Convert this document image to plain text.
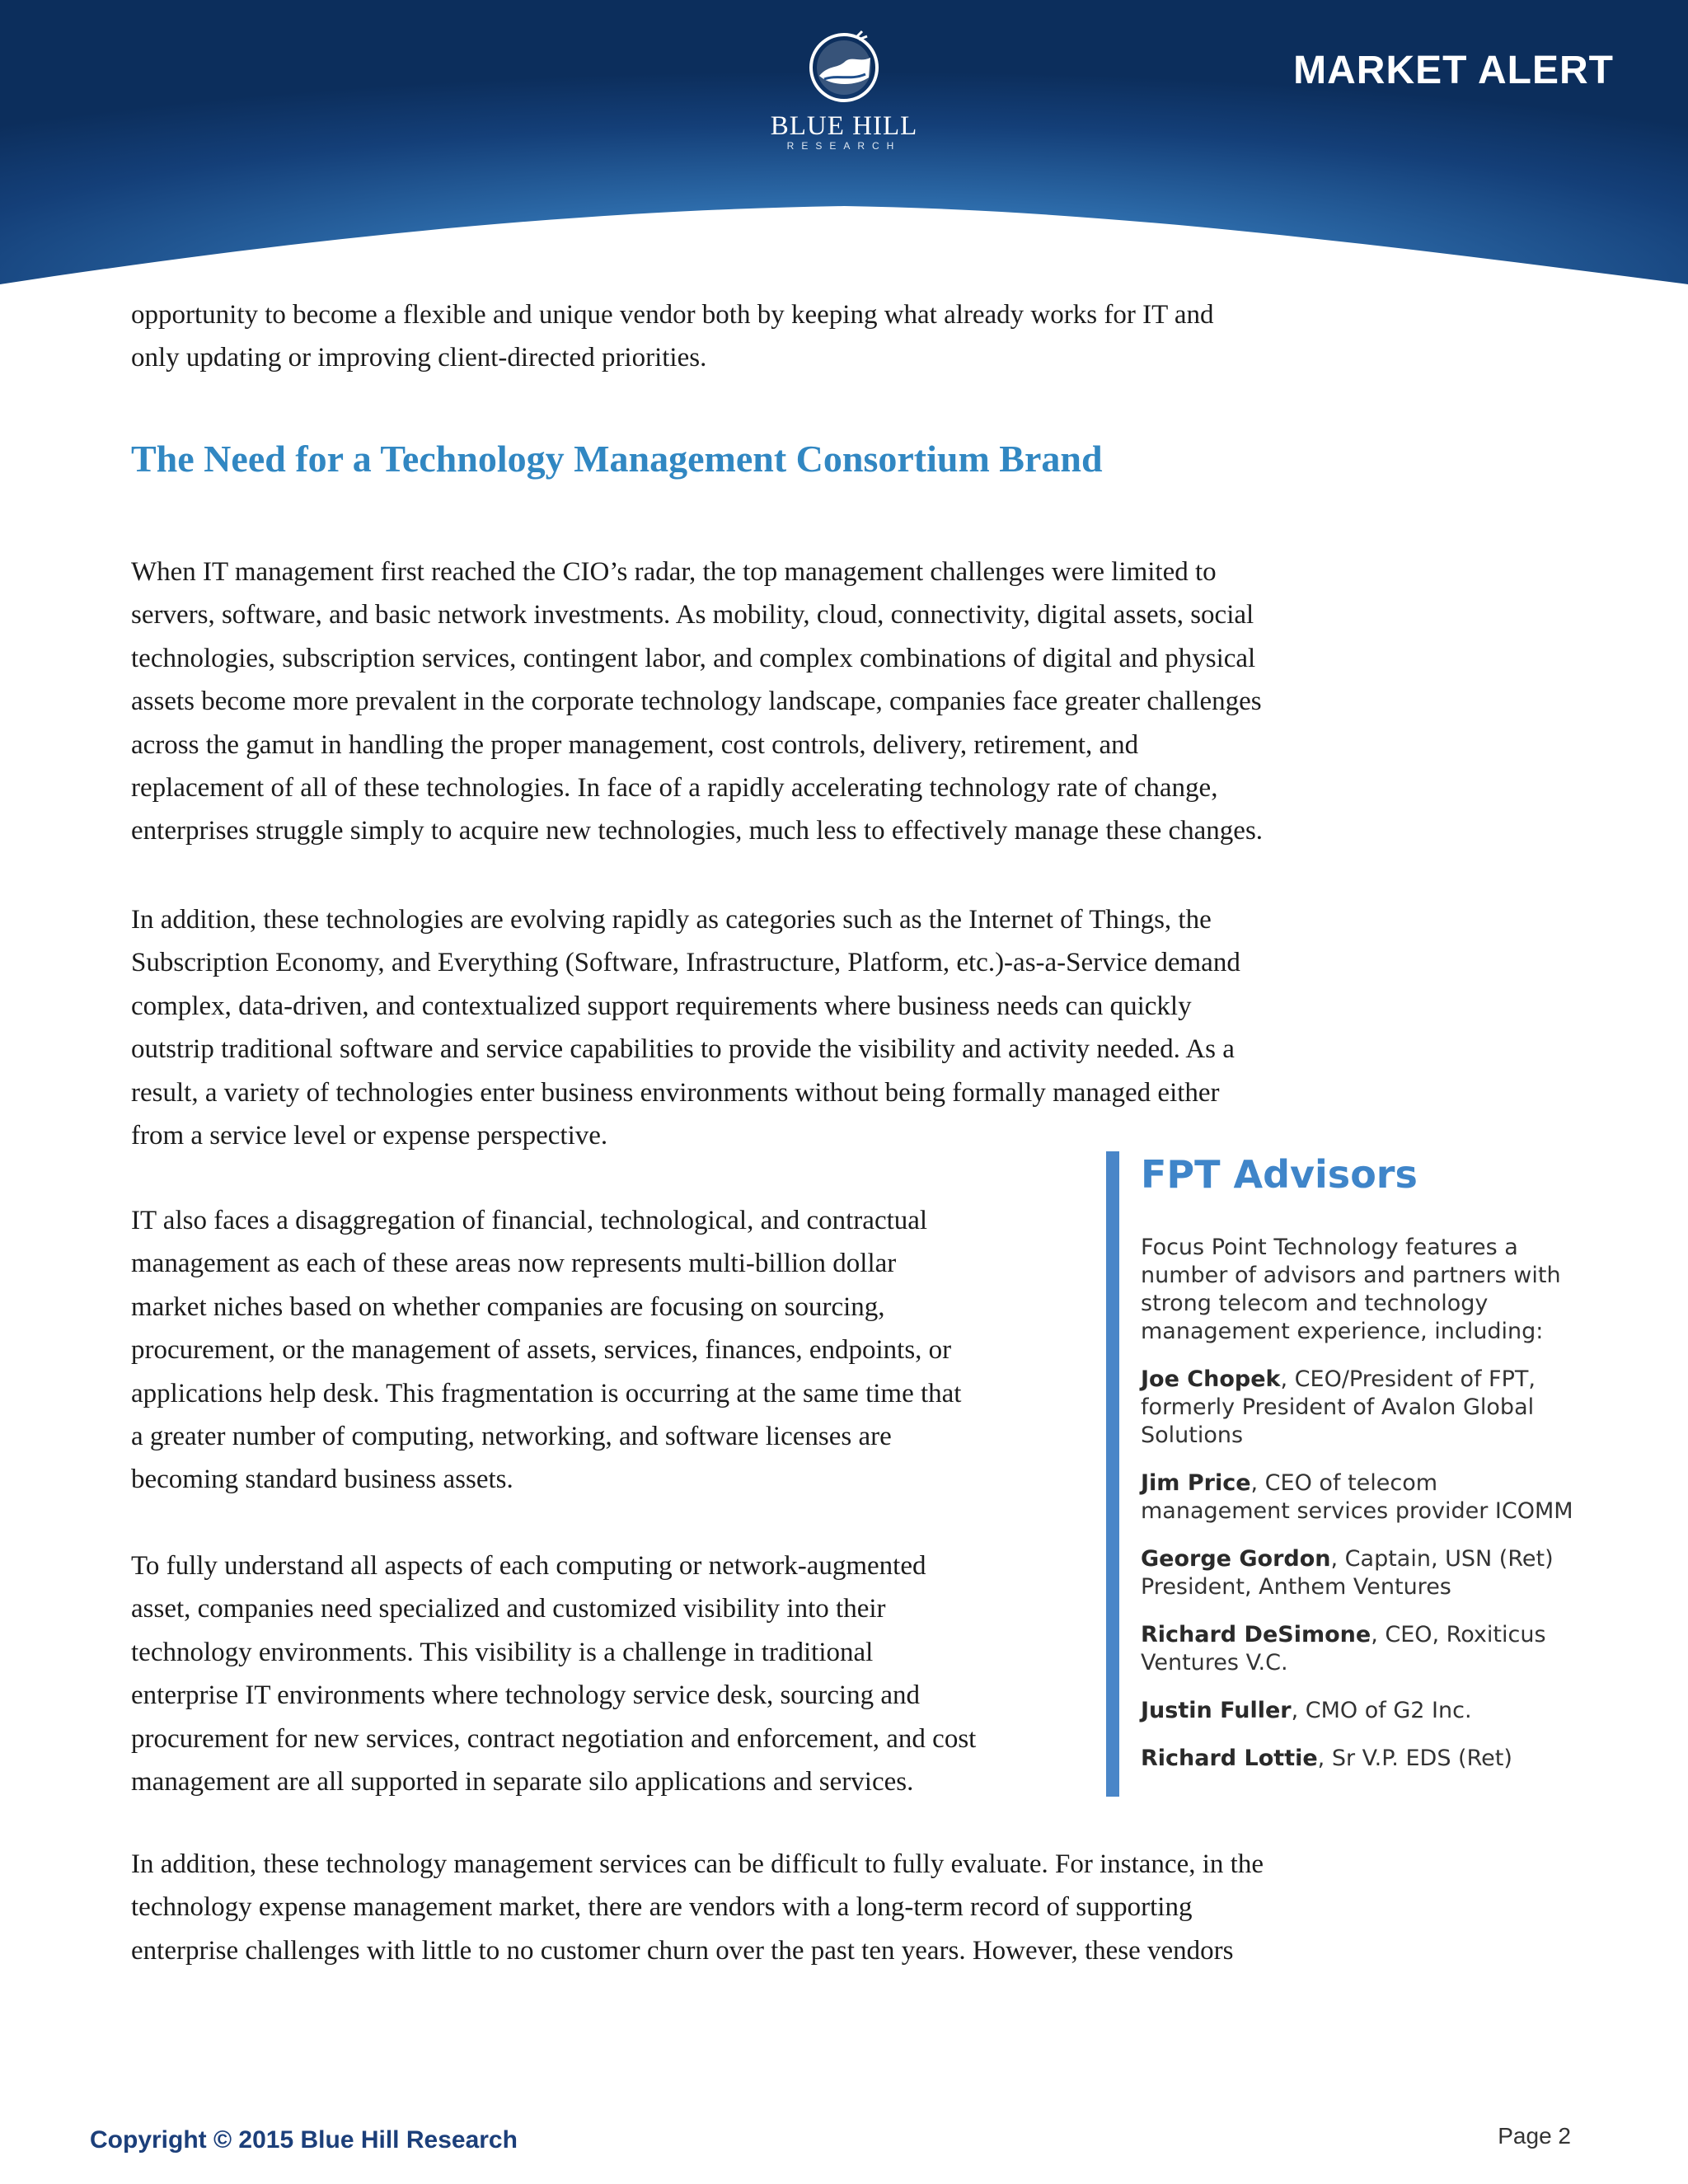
BLUE HILL
RESEARCH
MARKET ALERT

opportunity to become a flexible and unique vendor both by keeping what already works for IT and
only updating or improving client-directed priorities.

The Need for a Technology Management Consortium Brand

When IT management first reached the CIO’s radar, the top management challenges were limited to
servers, software, and basic network investments. As mobility, cloud, connectivity, digital assets, social
technologies, subscription services, contingent labor, and complex combinations of digital and physical
assets become more prevalent in the corporate technology landscape, companies face greater challenges
across the gamut in handling the proper management, cost controls, delivery, retirement, and
replacement of all of these technologies. In face of a rapidly accelerating technology rate of change,
enterprises struggle simply to acquire new technologies, much less to effectively manage these changes.

In addition, these technologies are evolving rapidly as categories such as the Internet of Things, the
Subscription Economy, and Everything (Software, Infrastructure, Platform, etc.)-as-a-Service demand
complex, data-driven, and contextualized support requirements where business needs can quickly
outstrip traditional software and service capabilities to provide the visibility and activity needed. As a
result, a variety of technologies enter business environments without being formally managed either
from a service level or expense perspective.

IT also faces a disaggregation of financial, technological, and contractual
management as each of these areas now represents multi-billion dollar
market niches based on whether companies are focusing on sourcing,
procurement, or the management of assets, services, finances, endpoints, or
applications help desk. This fragmentation is occurring at the same time that
a greater number of computing, networking, and software licenses are
becoming standard business assets.

To fully understand all aspects of each computing or network-augmented
asset, companies need specialized and customized visibility into their
technology environments. This visibility is a challenge in traditional
enterprise IT environments where technology service desk, sourcing and
procurement for new services, contract negotiation and enforcement, and cost
management are all supported in separate silo applications and services.

In addition, these technology management services can be difficult to fully evaluate. For instance, in the
technology expense management market, there are vendors with a long-term record of supporting
enterprise challenges with little to no customer churn over the past ten years. However, these vendors

FPT Advisors

Focus Point Technology features a
number of advisors and partners with
strong telecom and technology
management experience, including:

Joe Chopek, CEO/President of FPT,
formerly President of Avalon Global
Solutions

Jim Price, CEO of telecom
management services provider ICOMM

George Gordon, Captain, USN (Ret)
President, Anthem Ventures

Richard DeSimone, CEO, Roxiticus
Ventures V.C.

Justin Fuller, CMO of G2 Inc.

Richard Lottie, Sr V.P. EDS (Ret)

Copyright © 2015 Blue Hill Research	Page 2
